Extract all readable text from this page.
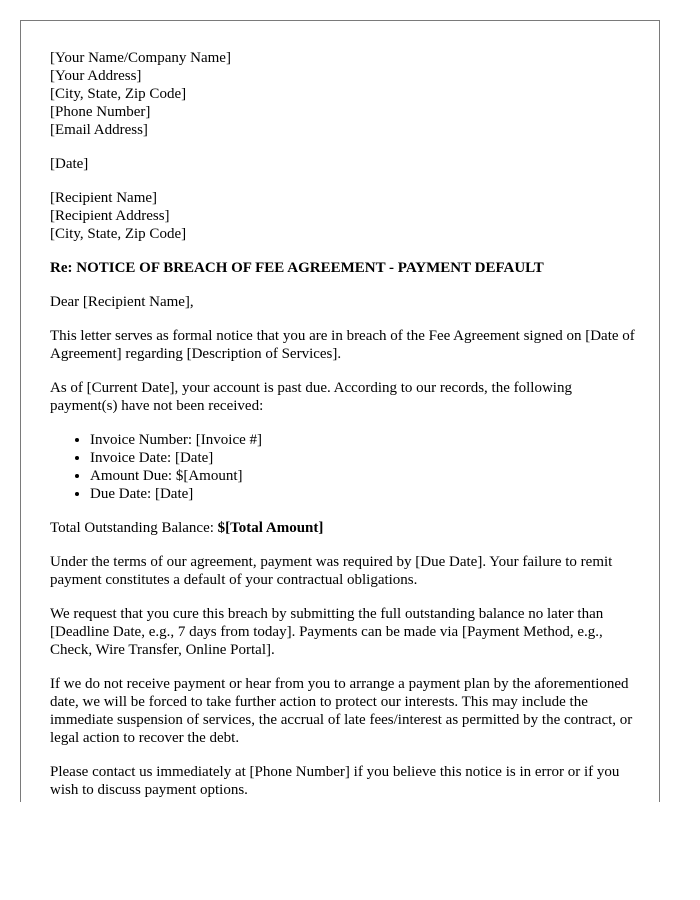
[Your Name/Company Name]
[Your Address]
[City, State, Zip Code]
[Phone Number]
[Email Address]

[Date]

[Recipient Name]
[Recipient Address]
[City, State, Zip Code]

Re: NOTICE OF BREACH OF FEE AGREEMENT - PAYMENT DEFAULT

Dear [Recipient Name],

This letter serves as formal notice that you are in breach of the Fee Agreement signed on [Date of Agreement] regarding [Description of Services].

As of [Current Date], your account is past due. According to our records, the following payment(s) have not been received:

• Invoice Number: [Invoice #]
• Invoice Date: [Date]
• Amount Due: $[Amount]
• Due Date: [Date]

Total Outstanding Balance: $[Total Amount]

Under the terms of our agreement, payment was required by [Due Date]. Your failure to remit payment constitutes a default of your contractual obligations.

We request that you cure this breach by submitting the full outstanding balance no later than [Deadline Date, e.g., 7 days from today]. Payments can be made via [Payment Method, e.g., Check, Wire Transfer, Online Portal].

If we do not receive payment or hear from you to arrange a payment plan by the aforementioned date, we will be forced to take further action to protect our interests. This may include the immediate suspension of services, the accrual of late fees/interest as permitted by the contract, or legal action to recover the debt.

Please contact us immediately at [Phone Number] if you believe this notice is in error or if you wish to discuss payment options.
